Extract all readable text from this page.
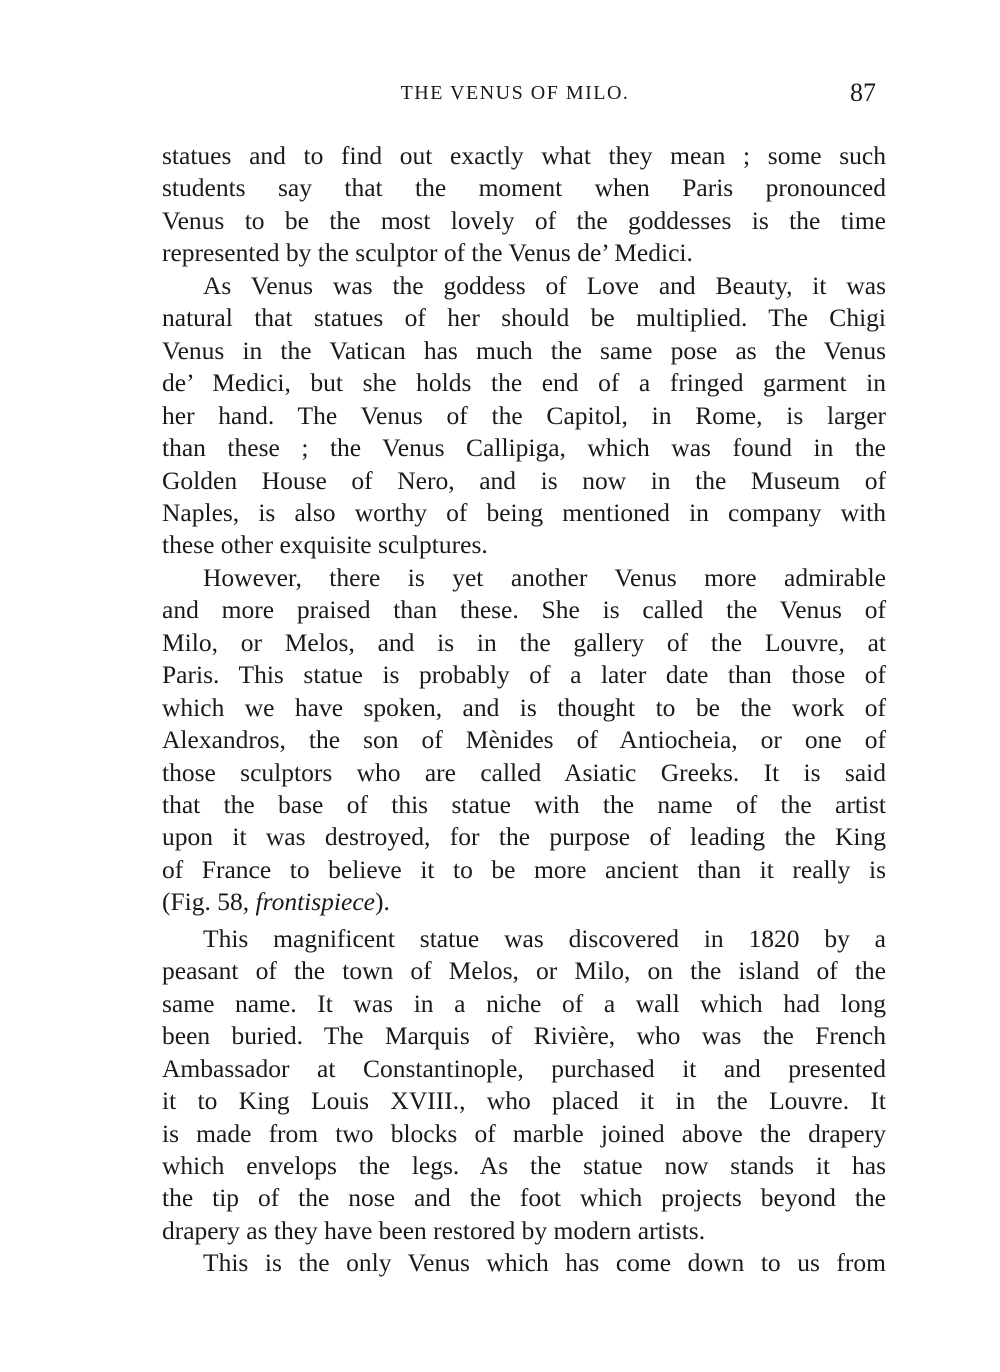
THE VENUS OF MILO.	87
statues and to find out exactly what they mean ; some such
students say that the moment when Paris pronounced
Venus to be the most lovely of the goddesses is the time
represented by the sculptor of the Venus de’ Medici.
As Venus was the goddess of Love and Beauty, it was
natural that statues of her should be multiplied. The Chigi
Venus in the Vatican has much the same pose as the Venus
de’ Medici, but she holds the end of a fringed garment in
her hand. The Venus of the Capitol, in Rome, is larger
than these ; the Venus Callipiga, which was found in the
Golden House of Nero, and is now in the Museum of
Naples, is also worthy of being mentioned in company with
these other exquisite sculptures.
However, there is yet another Venus more admirable
and more praised than these. She is called the Venus of
Milo, or Melos, and is in the gallery of the Louvre, at
Paris. This statue is probably of a later date than those of
which we have spoken, and is thought to be the work of
Alexandros, the son of Mènides of Antiocheia, or one of
those sculptors who are called Asiatic Greeks. It is said
that the base of this statue with the name of the artist
upon it was destroyed, for the purpose of leading the King
of France to believe it to be more ancient than it really is
(Fig. 58, frontispiece).
This magnificent statue was discovered in 1820 by a
peasant of the town of Melos, or Milo, on the island of the
same name. It was in a niche of a wall which had long
been buried. The Marquis of Rivière, who was the French
Ambassador at Constantinople, purchased it and presented
it to King Louis XVIII., who placed it in the Louvre. It
is made from two blocks of marble joined above the drapery
which envelops the legs. As the statue now stands it has
the tip of the nose and the foot which projects beyond the
drapery as they have been restored by modern artists.
This is the only Venus which has come down to us from
